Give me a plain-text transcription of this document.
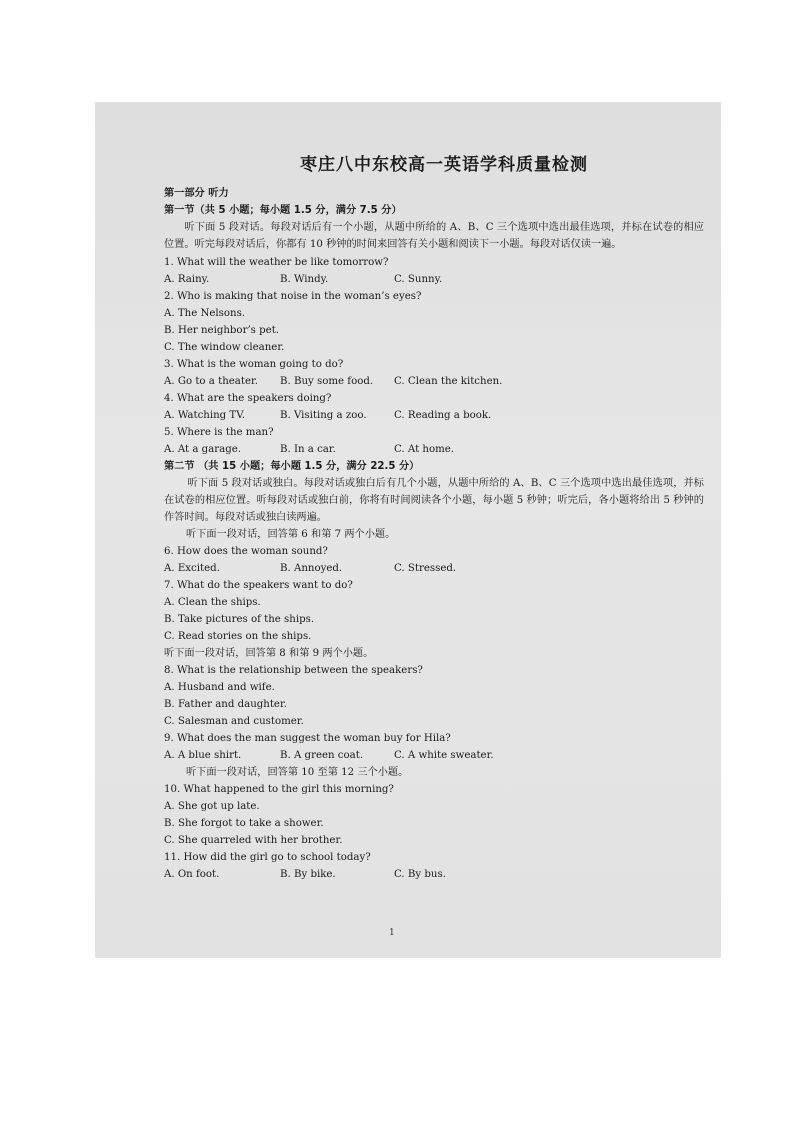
枣庄八中东校高一英语学科质量检测
第一部分 听力
第一节（共 5 小题；每小题 1.5 分，满分 7.5 分）
听下面 5 段对话。每段对话后有一个小题，从题中所给的 A、B、C 三个选项中选出最佳选项，并标在试卷的相应位置。听完每段对话后，你都有 10 秒钟的时间来回答有关小题和阅读下一小题。每段对话仅读一遍。
1. What will the weather be like tomorrow?
A. Rainy.	B. Windy.	C. Sunny.
2. Who is making that noise in the woman’s eyes?
A. The Nelsons.
B. Her neighbor’s pet.
C. The window cleaner.
3. What is the woman going to do?
A. Go to a theater.	B. Buy some food.	C. Clean the kitchen.
4. What are the speakers doing?
A. Watching TV.	B. Visiting a zoo.	C. Reading a book.
5. Where is the man?
A. At a garage.	B. In a car.	C. At home.
第二节 （共 15 小题；每小题 1.5 分，满分 22.5 分）
听下面 5 段对话或独白。每段对话或独白后有几个小题，从题中所给的 A、B、C 三个选项中选出最佳选项，并标在试卷的相应位置。听每段对话或独白前，你将有时间阅读各个小题，每小题 5 秒钟；听完后，各小题将给出 5 秒钟的作答时间。每段对话或独白读两遍。
听下面一段对话，回答第 6 和第 7 两个小题。
6. How does the woman sound?
A. Excited.	B. Annoyed.	C. Stressed.
7. What do the speakers want to do?
A. Clean the ships.
B. Take pictures of the ships.
C. Read stories on the ships.
听下面一段对话，回答第 8 和第 9 两个小题。
8. What is the relationship between the speakers?
A. Husband and wife.
B. Father and daughter.
C. Salesman and customer.
9. What does the man suggest the woman buy for Hila?
A. A blue shirt.	B. A green coat.	C. A white sweater.
听下面一段对话，回答第 10 至第 12 三个小题。
10. What happened to the girl this morning?
A. She got up late.
B. She forgot to take a shower.
C. She quarreled with her brother.
11. How did the girl go to school today?
A. On foot.	B. By bike.	C. By bus.
1
